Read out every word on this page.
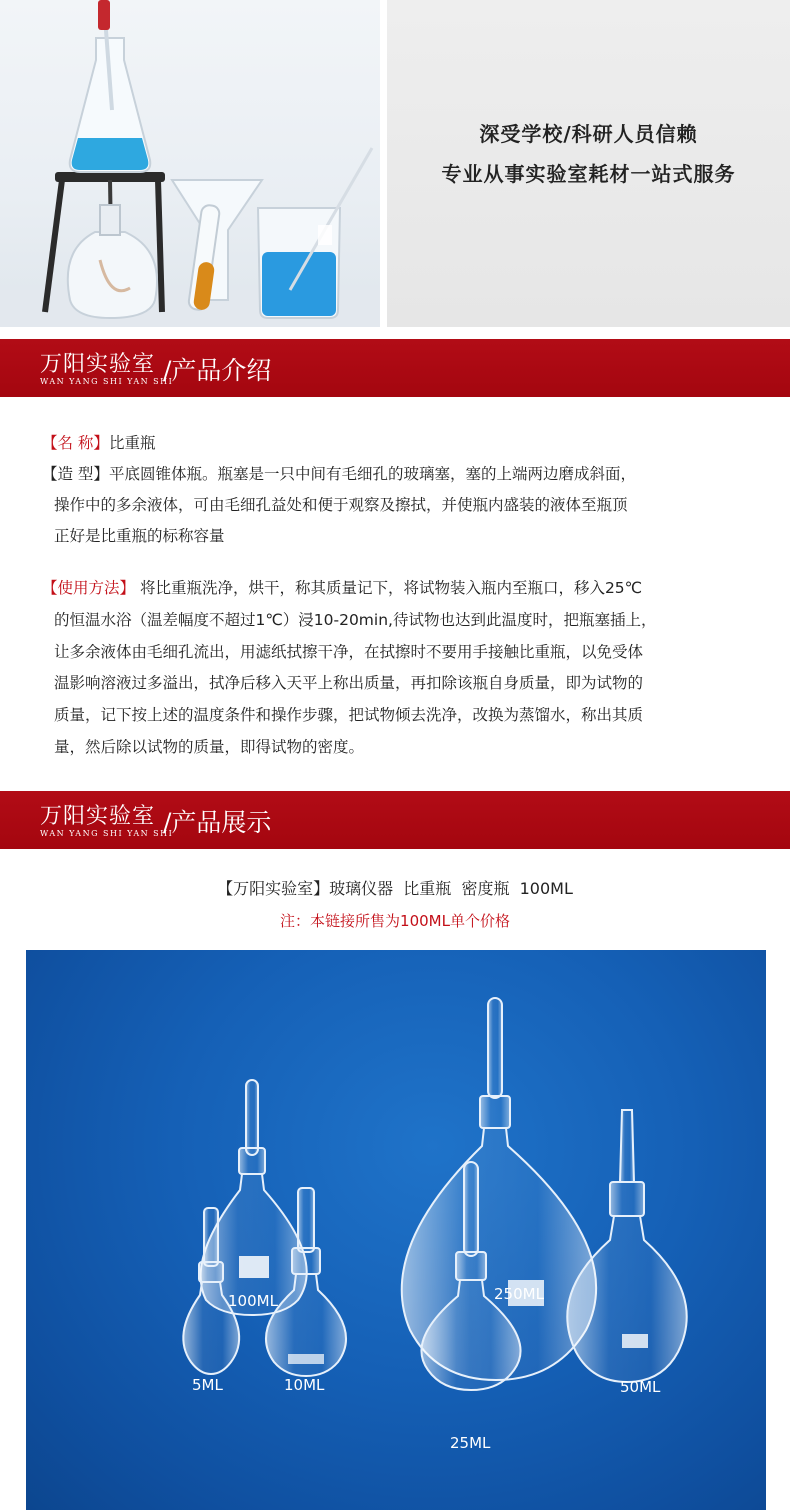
深受学校/科研人员信赖
专业从事实验室耗材一站式服务
万阳实验室
WAN YANG SHI YAN SHI
/产品介绍

【名 称】比重瓶

【造 型】平底圆锥体瓶。瓶塞是一只中间有毛细孔的玻璃塞，塞的上端两边磨成斜面，

操作中的多余液体，可由毛细孔益处和便于观察及擦拭，并使瓶内盛装的液体至瓶顶

正好是比重瓶的标称容量

【使用方法】 将比重瓶洗净，烘干，称其质量记下，将试物装入瓶内至瓶口，移入25℃

的恒温水浴（温差幅度不超过1℃）浸10-20min,待试物也达到此温度时，把瓶塞插上，

让多余液体由毛细孔流出，用滤纸拭擦干净，在拭擦时不要用手接触比重瓶，以免受体

温影响溶液过多溢出，拭净后移入天平上称出质量，再扣除该瓶自身质量，即为试物的

质量，记下按上述的温度条件和操作步骤，把试物倾去洗净，改换为蒸馏水，称出其质

量，然后除以试物的质量，即得试物的密度。

万阳实验室
WAN YANG SHI YAN SHI
/产品展示
【万阳实验室】玻璃仪器  比重瓶  密度瓶  100ML
注：本链接所售为100ML单个价格
100ML	250ML
5ML	10ML
25ML
50ML
